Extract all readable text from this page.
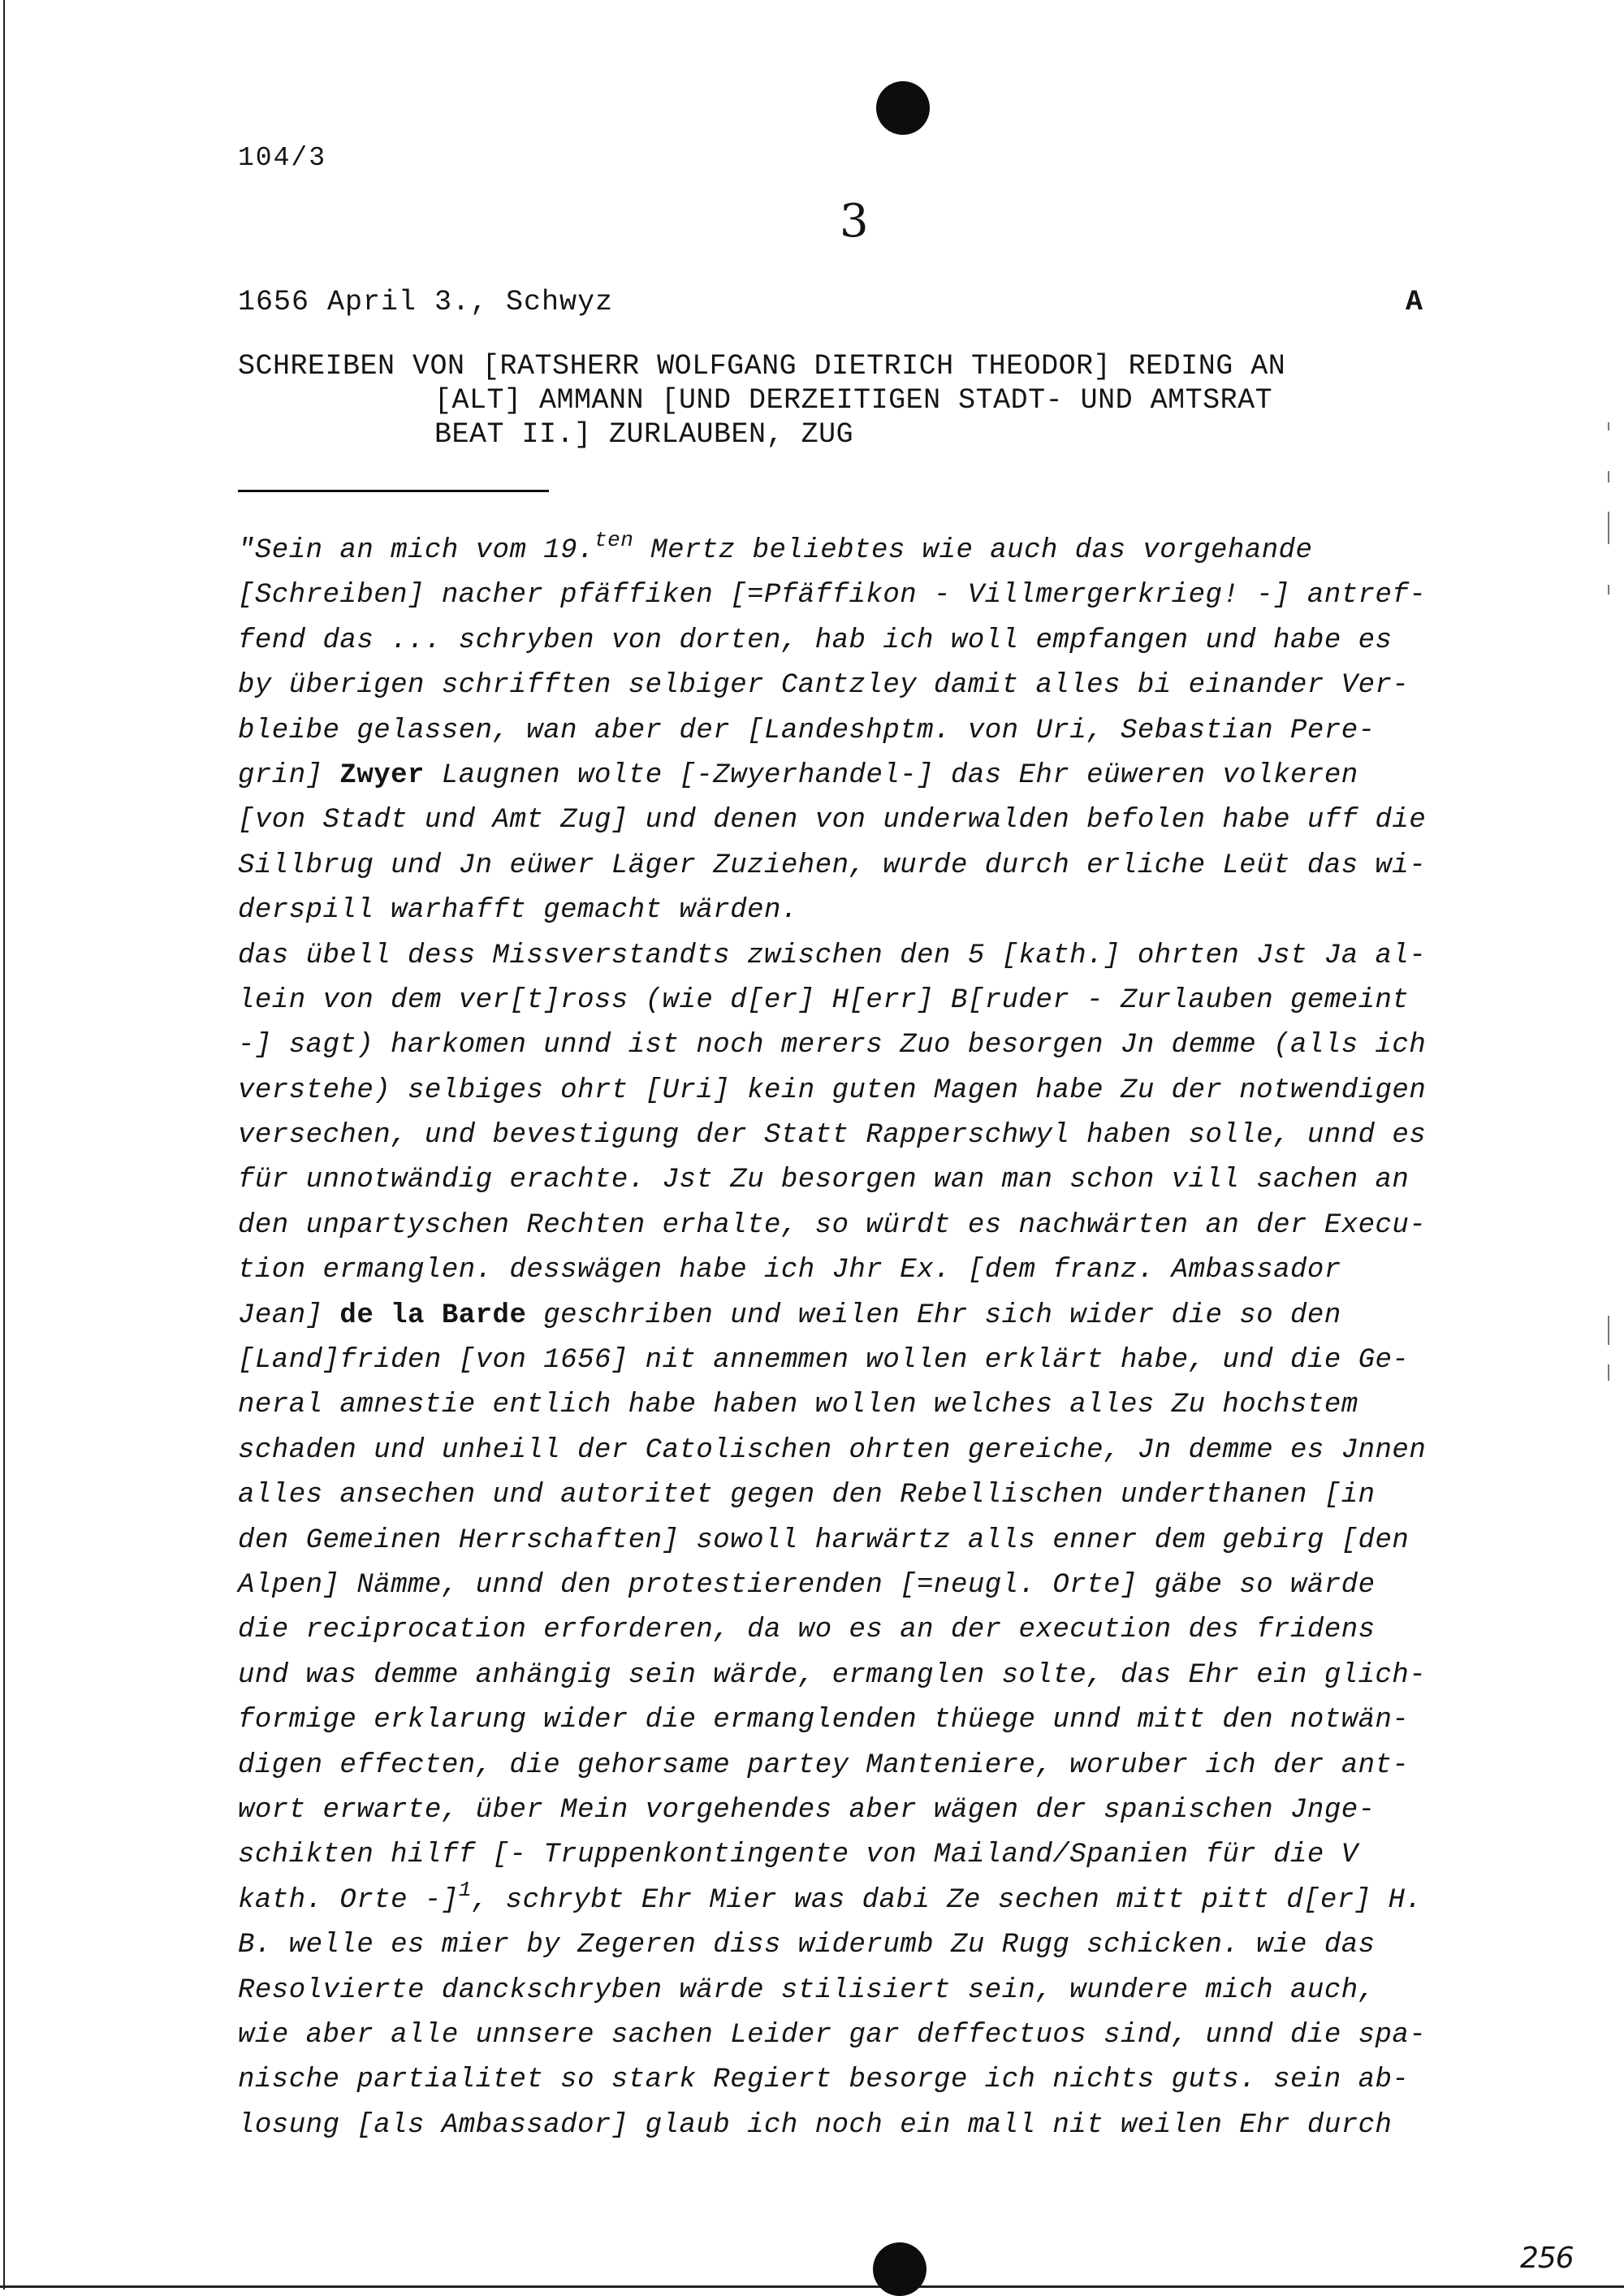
104/3
3
1656 April 3., Schwyz	A
SCHREIBEN VON [RATSHERR WOLFGANG DIETRICH THEODOR] REDING AN
[ALT] AMMANN [UND DERZEITIGEN STADT- UND AMTSRAT
BEAT II.] ZURLAUBEN, ZUG
"Sein an mich vom 19.$^{ten}$ Mertz beliebtes wie auch das vorgehande
[Schreiben] nacher pfäffiken [=Pfäffikon - Villmergerkrieg! -] antref-
fend das ... schryben von dorten, hab ich woll empfangen und habe es
by überigen schrifften selbiger Cantzley damit alles bi einander Ver-
bleibe gelassen, wan aber der [Landeshptm. von Uri, Sebastian Pere-
grin] Zwyer Laugnen wolte [-Zwyerhandel-] das Ehr eüweren volkeren
[von Stadt und Amt Zug] und denen von underwalden befolen habe uff die
Sillbrug und Jn eüwer Läger Zuziehen, wurde durch erliche Leüt das wi-
derspill warhafft gemacht wärden.
das übell dess Missverstandts zwischen den 5 [kath.] ohrten Jst Ja al-
lein von dem ver[t]ross (wie d[er] H[err] B[ruder - Zurlauben gemeint
-] sagt) harkomen unnd ist noch merers Zuo besorgen Jn demme (alls ich
verstehe) selbiges ohrt [Uri] kein guten Magen habe Zu der notwendigen
versechen, und bevestigung der Statt Rapperschwyl haben solle, unnd es
für unnotwändig erachte. Jst Zu besorgen wan man schon vill sachen an
den unpartyschen Rechten erhalte, so würdt es nachwärten an der Execu-
tion ermanglen. desswägen habe ich Jhr Ex. [dem franz. Ambassador
Jean] de la Barde geschriben und weilen Ehr sich wider die so den
[Land]friden [von 1656] nit annemmen wollen erklärt habe, und die Ge-
neral amnestie entlich habe haben wollen welches alles Zu hochstem
schaden und unheill der Catolischen ohrten gereiche, Jn demme es Jnnen
alles ansechen und autoritet gegen den Rebellischen underthanen [in
den Gemeinen Herrschaften] sowoll harwärtz alls enner dem gebirg [den
Alpen] Nämme, unnd den protestierenden [=neugl. Orte] gäbe so wärde
die reciprocation erforderen, da wo es an der execution des fridens
und was demme anhängig sein wärde, ermanglen solte, das Ehr ein glich-
formige erklarung wider die ermanglenden thüege unnd mitt den notwän-
digen effecten, die gehorsame partey Manteniere, woruber ich der ant-
wort erwarte, über Mein vorgehendes aber wägen der spanischen Jnge-
schikten hilff [- Truppenkontingente von Mailand/Spanien für die V
kath. Orte -]$^1$, schrybt Ehr Mier was dabi Ze sechen mitt pitt d[er] H.
B. welle es mier by Zegeren diss widerumb Zu Rugg schicken. wie das
Resolvierte danckschryben wärde stilisiert sein, wundere mich auch,
wie aber alle unnsere sachen Leider gar deffectuos sind, unnd die spa-
nische partialitet so stark Regiert besorge ich nichts guts. sein ab-
losung [als Ambassador] glaub ich noch ein mall nit weilen Ehr durch
256
